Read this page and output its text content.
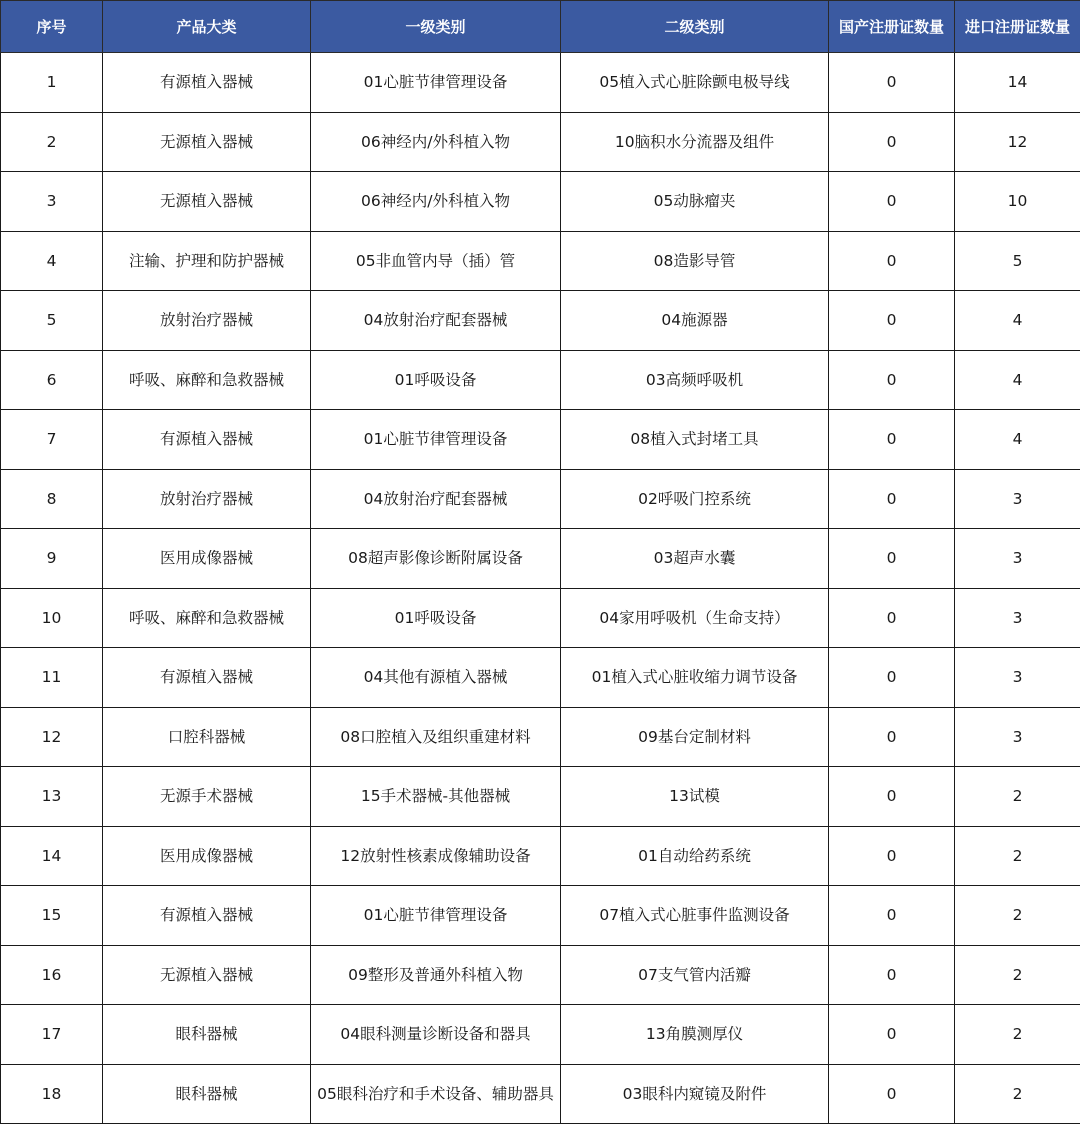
序号	产品大类	一级类别	二级类别	国产注册证数量	进口注册证数量
1	有源植入器械	01心脏节律管理设备	05植入式心脏除颤电极导线	0	14
2	无源植入器械	06神经内/外科植入物	10脑积水分流器及组件	0	12
3	无源植入器械	06神经内/外科植入物	05动脉瘤夹	0	10
4	注输、护理和防护器械	05非血管内导（插）管	08造影导管	0	5
5	放射治疗器械	04放射治疗配套器械	04施源器	0	4
6	呼吸、麻醉和急救器械	01呼吸设备	03高频呼吸机	0	4
7	有源植入器械	01心脏节律管理设备	08植入式封堵工具	0	4
8	放射治疗器械	04放射治疗配套器械	02呼吸门控系统	0	3
9	医用成像器械	08超声影像诊断附属设备	03超声水囊	0	3
10	呼吸、麻醉和急救器械	01呼吸设备	04家用呼吸机（生命支持）	0	3
11	有源植入器械	04其他有源植入器械	01植入式心脏收缩力调节设备	0	3
12	口腔科器械	08口腔植入及组织重建材料	09基台定制材料	0	3
13	无源手术器械	15手术器械-其他器械	13试模	0	2
14	医用成像器械	12放射性核素成像辅助设备	01自动给药系统	0	2
15	有源植入器械	01心脏节律管理设备	07植入式心脏事件监测设备	0	2
16	无源植入器械	09整形及普通外科植入物	07支气管内活瓣	0	2
17	眼科器械	04眼科测量诊断设备和器具	13角膜测厚仪	0	2
18	眼科器械	05眼科治疗和手术设备、辅助器具	03眼科内窥镜及附件	0	2
